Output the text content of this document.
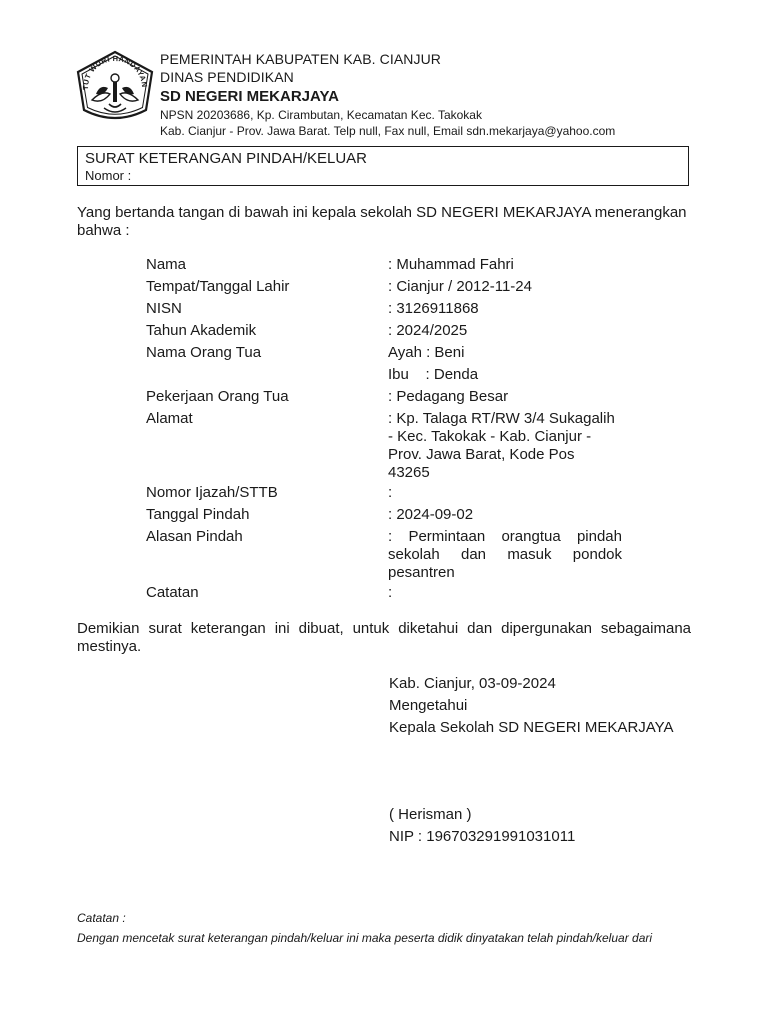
TUT WURI HANDAYAN
PEMERINTAH KABUPATEN KAB. CIANJUR
DINAS PENDIDIKAN
SD NEGERI MEKARJAYA
NPSN 20203686, Kp. Cirambutan, Kecamatan Kec. Takokak
Kab. Cianjur - Prov. Jawa Barat. Telp null, Fax null, Email sdn.mekarjaya@yahoo.com
SURAT KETERANGAN PINDAH/KELUAR
Nomor :
Yang bertanda tangan di bawah ini kepala sekolah SD NEGERI MEKARJAYA menerangkan bahwa :
Nama	: Muhammad Fahri
Tempat/Tanggal Lahir	: Cianjur / 2012-11-24
NISN	: 3126911868
Tahun Akademik	: 2024/2025
Nama Orang Tua	Ayah : Beni
Ibu    : Denda
Pekerjaan Orang Tua	: Pedagang Besar
Alamat	: Kp. Talaga RT/RW 3/4 Sukagalih - Kec. Takokak - Kab. Cianjur - Prov. Jawa Barat, Kode Pos 43265
Nomor Ijazah/STTB	:
Tanggal Pindah	: 2024-09-02
Alasan Pindah	: Permintaan orangtua pindah sekolah dan masuk pondok pesantren
Catatan	:
Demikian surat keterangan ini dibuat, untuk diketahui dan dipergunakan sebagaimana mestinya.
Kab. Cianjur, 03-09-2024
Mengetahui
Kepala Sekolah SD NEGERI MEKARJAYA
( Herisman )
NIP : 196703291991031011
Catatan :
Dengan mencetak surat keterangan pindah/keluar ini maka peserta didik dinyatakan telah pindah/keluar dari
